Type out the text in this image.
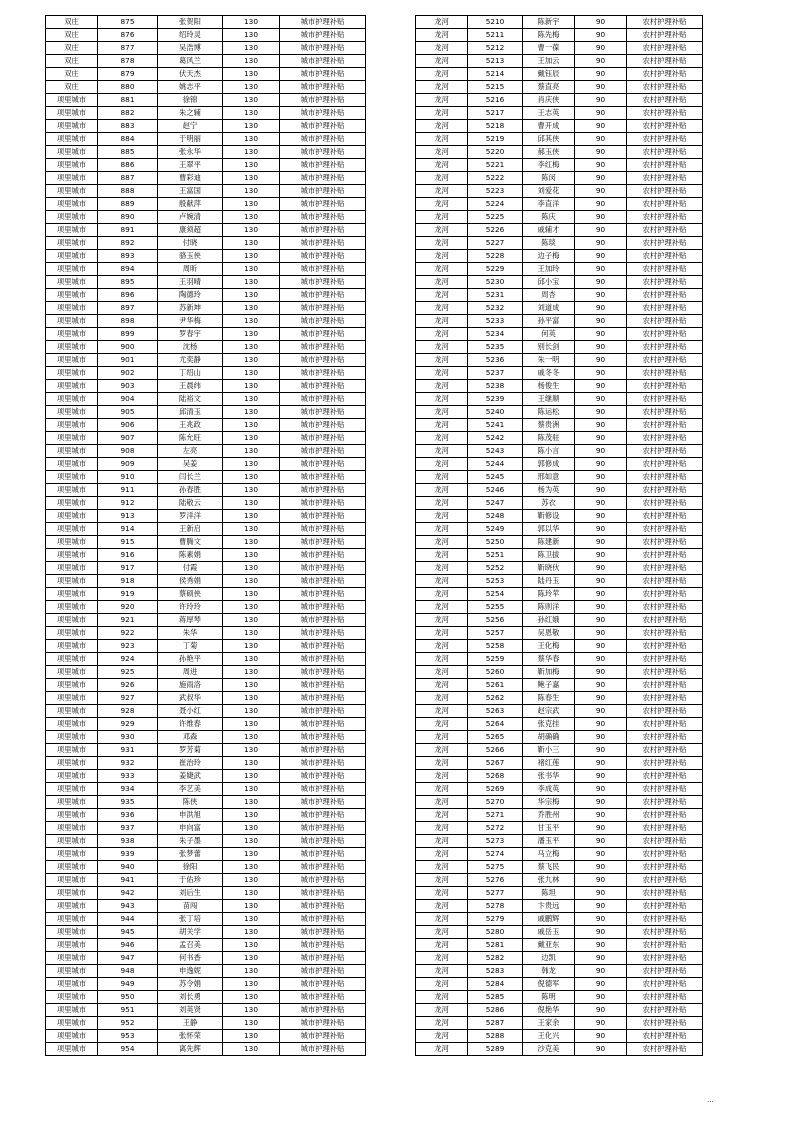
双庄	875	张贺阳	130	城市护理补贴
双庄	876	绍玲灵	130	城市护理补贴
双庄	877	吴浩博	130	城市护理补贴
双庄	878	葛风兰	130	城市护理补贴
双庄	879	伏天杰	130	城市护理补贴
双庄	880	姚志平	130	城市护理补贴
项里城市	881	徐锦	130	城市护理补贴
项里城市	882	朱之辅	130	城市护理补贴
项里城市	883	赵宁	130	城市护理补贴
项里城市	884	于明丽	130	城市护理补贴
项里城市	885	张永华	130	城市护理补贴
项里城市	886	王翠平	130	城市护理补贴
项里城市	887	曹彩迪	130	城市护理补贴
项里城市	888	王富国	130	城市护理补贴
项里城市	889	殷献萍	130	城市护理补贴
项里城市	890	卢婉清	130	城市护理补贴
项里城市	891	康须超	130	城市护理补贴
项里城市	892	付晓	130	城市护理补贴
项里城市	893	骆玉侠	130	城市护理补贴
项里城市	894	周昕	130	城市护理补贴
项里城市	895	王羽晴	130	城市护理补贴
项里城市	896	陶德玲	130	城市护理补贴
项里城市	897	苏新坤	130	城市护理补贴
项里城市	898	尹华梅	130	城市护理补贴
项里城市	899	罗春宇	130	城市护理补贴
项里城市	900	沈杨	130	城市护理补贴
项里城市	901	尤奕静	130	城市护理补贴
项里城市	902	丁绍山	130	城市护理补贴
项里城市	903	王晨纬	130	城市护理补贴
项里城市	904	陆裕文	130	城市护理补贴
项里城市	905	邱清玉	130	城市护理补贴
项里城市	906	王兆政	130	城市护理补贴
项里城市	907	陈允旺	130	城市护理补贴
项里城市	908	左亮	130	城市护理补贴
项里城市	909	吴姜	130	城市护理补贴
项里城市	910	闫长兰	130	城市护理补贴
项里城市	911	孙春胜	130	城市护理补贴
项里城市	912	陆敬云	130	城市护理补贴
项里城市	913	罗洋洋	130	城市护理补贴
项里城市	914	王新启	130	城市护理补贴
项里城市	915	曹腾文	130	城市护理补贴
项里城市	916	陈素娟	130	城市护理补贴
项里城市	917	付霞	130	城市护理补贴
项里城市	918	侯秀娟	130	城市护理补贴
项里城市	919	蔡硕侠	130	城市护理补贴
项里城市	920	许玲玲	130	城市护理补贴
项里城市	921	蒋厚琴	130	城市护理补贴
项里城市	922	朱华	130	城市护理补贴
项里城市	923	丁菊	130	城市护理补贴
项里城市	924	孙艳平	130	城市护理补贴
项里城市	925	周进	130	城市护理补贴
项里城市	926	施雨洛	130	城市护理补贴
项里城市	927	武叔华	130	城市护理补贴
项里城市	928	聂小红	130	城市护理补贴
项里城市	929	许维春	130	城市护理补贴
项里城市	930	邓森	130	城市护理补贴
项里城市	931	罗芳菊	130	城市护理补贴
项里城市	932	崔治玲	130	城市护理补贴
项里城市	933	姜婕武	130	城市护理补贴
项里城市	934	李艺美	130	城市护理补贴
项里城市	935	陈侠	130	城市护理补贴
项里城市	936	申洪旭	130	城市护理补贴
项里城市	937	申向富	130	城市护理补贴
项里城市	938	朱子墨	130	城市护理补贴
项里城市	939	张梦蕾	130	城市护理补贴
项里城市	940	徐阳	130	城市护理补贴
项里城市	941	于佑珍	130	城市护理补贴
项里城市	942	刘后生	130	城市护理补贴
项里城市	943	苗闯	130	城市护理补贴
项里城市	944	张丁培	130	城市护理补贴
项里城市	945	胡关学	130	城市护理补贴
项里城市	946	孟召美	130	城市护理补贴
项里城市	947	何书香	130	城市护理补贴
项里城市	948	申逸妮	130	城市护理补贴
项里城市	949	苏令娟	130	城市护理补贴
项里城市	950	刘长勇	130	城市护理补贴
项里城市	951	刘英贤	130	城市护理补贴
项里城市	952	王静	130	城市护理补贴
项里城市	953	张怀荣	130	城市护理补贴
项里城市	954	离先辉	130	城市护理补贴
龙河	5210	陈新宇	90	农村护理补贴
龙河	5211	陈先梅	90	农村护理补贴
龙河	5212	曹一葆	90	农村护理补贴
龙河	5213	王加云	90	农村护理补贴
龙河	5214	戴钰辰	90	农村护理补贴
龙河	5215	蔡直亮	90	农村护理补贴
龙河	5216	肖庆侠	90	农村护理补贴
龙河	5217	王志英	90	农村护理补贴
龙河	5218	曹开成	90	农村护理补贴
龙河	5219	邱其侠	90	农村护理补贴
龙河	5220	郝玉侠	90	农村护理补贴
龙河	5221	李红梅	90	农村护理补贴
龙河	5222	陈闵	90	农村护理补贴
龙河	5223	刘爱花	90	农村护理补贴
龙河	5224	李直洋	90	农村护理补贴
龙河	5225	陈庆	90	农村护理补贴
龙河	5226	戚辅才	90	农村护理补贴
龙河	5227	陈琰	90	农村护理补贴
龙河	5228	边子梅	90	农村护理补贴
龙河	5229	王加玲	90	农村护理补贴
龙河	5230	邱小宝	90	农村护理补贴
龙河	5231	周杏	90	农村护理补贴
龙河	5232	刘道成	90	农村护理补贴
龙河	5233	孙平富	90	农村护理补贴
龙河	5234	何英	90	农村护理补贴
龙河	5235	别长剑	90	农村护理补贴
龙河	5236	朱一明	90	农村护理补贴
龙河	5237	戚冬冬	90	农村护理补贴
龙河	5238	杨俊生	90	农村护理补贴
龙河	5239	王继顺	90	农村护理补贴
龙河	5240	陈运松	90	农村护理补贴
龙河	5241	蔡贵洲	90	农村护理补贴
龙河	5242	陈茂驻	90	农村护理补贴
龙河	5243	陈小言	90	农村护理补贴
龙河	5244	郭修成	90	农村护理补贴
龙河	5245	邢如意	90	农村护理补贴
龙河	5246	杨为英	90	农村护理补贴
龙河	5247	苏衣	90	农村护理补贴
龙河	5248	靳修设	90	农村护理补贴
龙河	5249	郭以华	90	农村护理补贴
龙河	5250	陈建新	90	农村护理补贴
龙河	5251	陈卫拔	90	农村护理补贴
龙河	5252	靳晓伙	90	农村护理补贴
龙河	5253	陆丹玉	90	农村护理补贴
龙河	5254	陈玲苹	90	农村护理补贴
龙河	5255	陈则洋	90	农村护理补贴
龙河	5256	孙红娥	90	农村护理补贴
龙河	5257	吴恩敬	90	农村护理补贴
龙河	5258	王化梅	90	农村护理补贴
龙河	5259	蔡华春	90	农村护理补贴
龙河	5260	靳加梅	90	农村护理补贴
龙河	5261	鲍子嘉	90	农村护理补贴
龙河	5262	陈春生	90	农村护理补贴
龙河	5263	赵宗武	90	农村护理补贴
龙河	5264	张克挂	90	农村护理补贴
龙河	5265	胡确确	90	农村护理补贴
龙河	5266	靳小三	90	农村护理补贴
龙河	5267	褚红莲	90	农村护理补贴
龙河	5268	张书华	90	农村护理补贴
龙河	5269	李成英	90	农村护理补贴
龙河	5270	华宗梅	90	农村护理补贴
龙河	5271	乔胜州	90	农村护理补贴
龙河	5272	甘玉平	90	农村护理补贴
龙河	5273	潘玉平	90	农村护理补贴
龙河	5274	马立梅	90	农村护理补贴
龙河	5275	蔡飞民	90	农村护理补贴
龙河	5276	张九林	90	农村护理补贴
龙河	5277	陈坦	90	农村护理补贴
龙河	5278	卞贵远	90	农村护理补贴
龙河	5279	戚鹏辉	90	农村护理补贴
龙河	5280	戚岳玉	90	农村护理补贴
龙河	5281	戴亚东	90	农村护理补贴
龙河	5282	边凯	90	农村护理补贴
龙河	5283	韩龙	90	农村护理补贴
龙河	5284	倪德军	90	农村护理补贴
龙河	5285	陈明	90	农村护理补贴
龙河	5286	倪艳华	90	农村护理补贴
龙河	5287	王家余	90	农村护理补贴
龙河	5288	王化兴	90	农村护理补贴
龙河	5289	沙克美	90	农村护理补贴
...
